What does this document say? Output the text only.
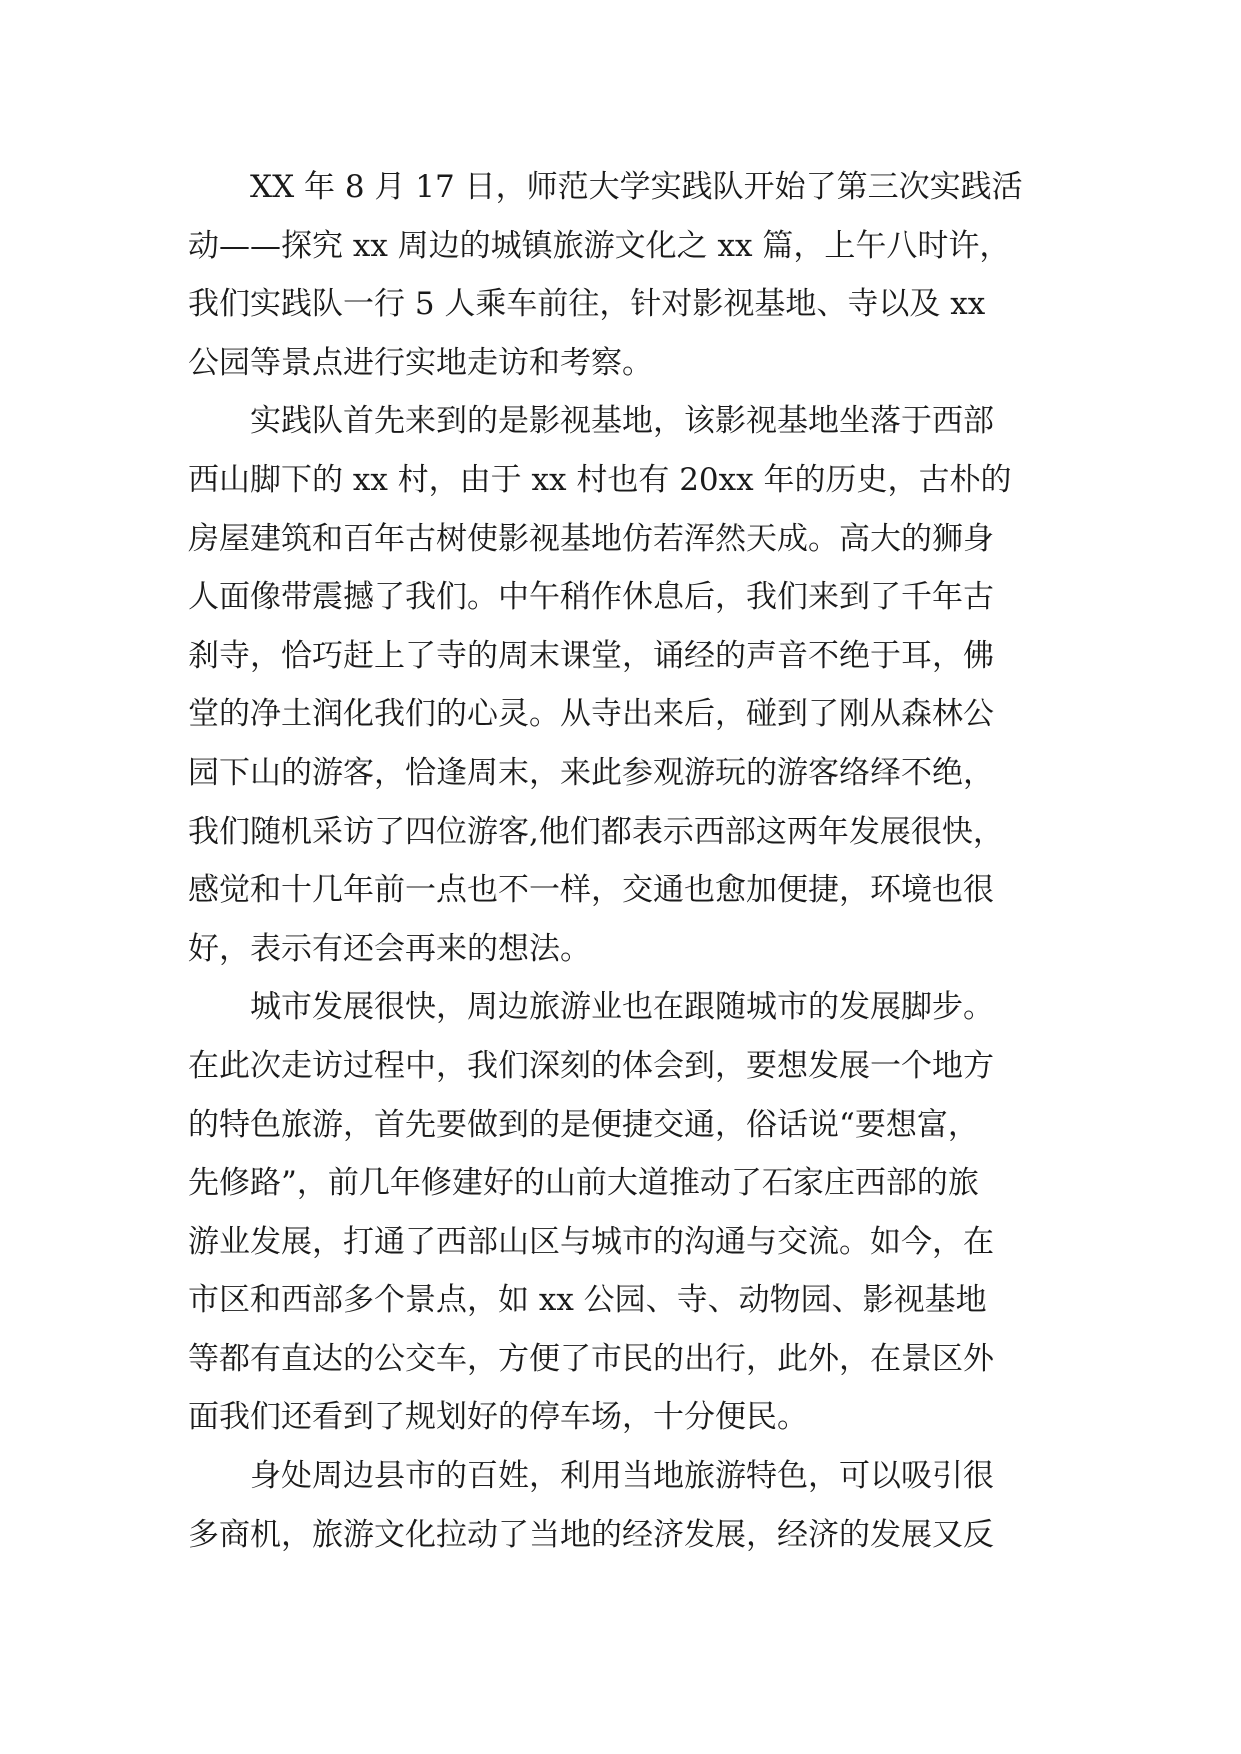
XX 年 8 月 17 日，师范大学实践队开始了第三次实践活
动——探究 xx 周边的城镇旅游文化之 xx 篇，上午八时许，
我们实践队一行 5 人乘车前往，针对影视基地、寺以及 xx
公园等景点进行实地走访和考察。
实践队首先来到的是影视基地，该影视基地坐落于西部
西山脚下的 xx 村，由于 xx 村也有 20xx 年的历史，古朴的
房屋建筑和百年古树使影视基地仿若浑然天成。高大的狮身
人面像带震撼了我们。中午稍作休息后，我们来到了千年古
刹寺，恰巧赶上了寺的周末课堂，诵经的声音不绝于耳，佛
堂的净土润化我们的心灵。从寺出来后，碰到了刚从森林公
园下山的游客，恰逢周末，来此参观游玩的游客络绎不绝，
我们随机采访了四位游客,他们都表示西部这两年发展很快，
感觉和十几年前一点也不一样，交通也愈加便捷，环境也很
好，表示有还会再来的想法。
城市发展很快，周边旅游业也在跟随城市的发展脚步。
在此次走访过程中，我们深刻的体会到，要想发展一个地方
的特色旅游，首先要做到的是便捷交通，俗话说“要想富，
先修路”，前几年修建好的山前大道推动了石家庄西部的旅
游业发展，打通了西部山区与城市的沟通与交流。如今，在
市区和西部多个景点，如 xx 公园、寺、动物园、影视基地
等都有直达的公交车，方便了市民的出行，此外，在景区外
面我们还看到了规划好的停车场，十分便民。
身处周边县市的百姓，利用当地旅游特色，可以吸引很
多商机，旅游文化拉动了当地的经济发展，经济的发展又反
